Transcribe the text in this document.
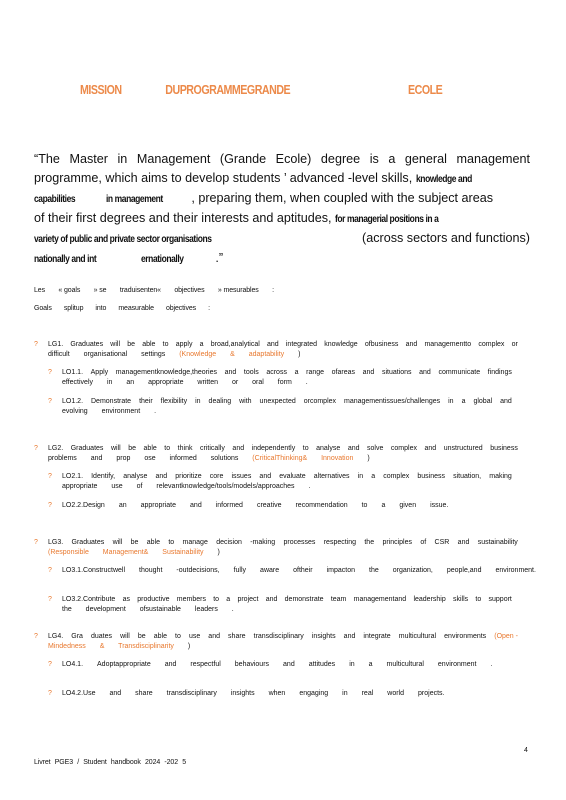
MISSION	DUPROGRAMMEGRANDE	ECOLE
“The Master in Management (Grande Ecole) degree is a general management
programme, which aims to develop students ’ advanced -level skills, knowledge and
capabilities	in management , preparing them, when coupled with the subject areas
of their first degrees and their interests and aptitudes, for managerial positions in a
variety of public and private sector organisations	(across sectors and functions)
nationally and int	ernationally	.”
Les « goals » se traduisenten« objectives » mesurables :
Goals splitup into measurable objectives :
? LG1. Graduates will be able to apply a broad,analytical and integrated knowledge ofbusiness and managementto complex or
difficult organisational settings (Knowledge & adaptability )
? LO1.1. Apply managementknowledge,theories and tools across a range ofareas and situations and communicate findings
effectively in an appropriate written or oral form .
? LO1.2. Demonstrate their flexibility in dealing with unexpected orcomplex managementissues/challenges in a global and
evolving environment .
? LG2. Graduates will be able to think critically and independently to analyse and solve complex and unstructured business
problems and prop ose informed solutions (CriticalThinking& Innovation )
? LO2.1. Identify, analyse and prioritize core issues and evaluate alternatives in a complex business situation, making
appropriate use of relevantknowledge/tools/models/approaches .
? LO2.2.Design an appropriate and informed creative recommendation to a given issue.
? LG3. Graduates will be able to manage decision -making processes respecting the principles of CSR and sustainability
(Responsible Management& Sustainability )
? LO3.1.Constructwell thought -outdecisions, fully aware oftheir impacton the organization, people,and environment.
? LO3.2.Contribute as productive members to a project and demonstrate team managementand leadership skills to support
the development ofsustainable leaders .
? LG4. Gra duates will be able to use and share transdisciplinary insights and integrate multicultural environments (Open -
Mindedness & Transdisciplinarity )
? LO4.1. Adoptappropriate and respectful behaviours and attitudes in a multicultural environment .
? LO4.2.Use and share transdisciplinary insights when engaging in real world projects.
4
Livret PGE3 / Student handbook 2024 -202 5
